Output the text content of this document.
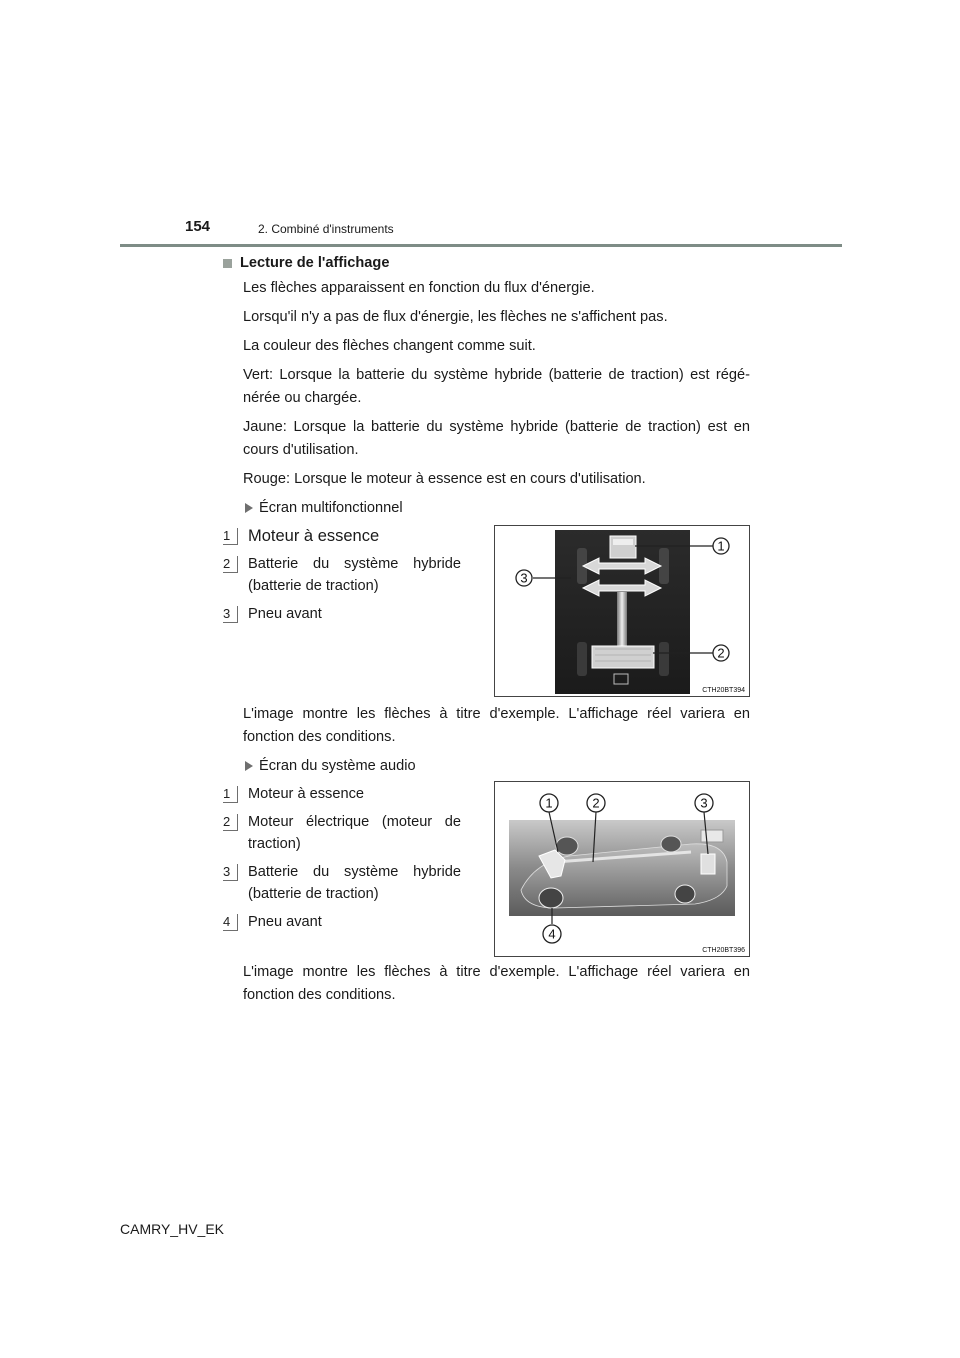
154	2. Combiné d'instruments
Lecture de l'affichage

Les flèches apparaissent en fonction du flux d'énergie.

Lorsqu'il n'y a pas de flux d'énergie, les flèches ne s'affichent pas.

La couleur des flèches changent comme suit.

Vert: Lorsque la batterie du système hybride (batterie de traction) est régé-nérée ou chargée.

Jaune: Lorsque la batterie du système hybride (batterie de traction) est en cours d'utilisation.

Rouge: Lorsque le moteur à essence est en cours d'utilisation.

Écran multifonctionnel
1	Moteur à essence
2	Batterie du système hybride (batterie de traction)
3	Pneu avant
1
2
3
CTH20BT394

L'image montre les flèches à titre d'exemple. L'affichage réel variera en fonction des conditions.

Écran du système audio
1	Moteur à essence
2	Moteur électrique (moteur de traction)
3	Batterie du système hybride (batterie de traction)
4	Pneu avant
1	2	3
4
CTH20BT396

L'image montre les flèches à titre d'exemple. L'affichage réel variera en fonction des conditions.

CAMRY_HV_EK
